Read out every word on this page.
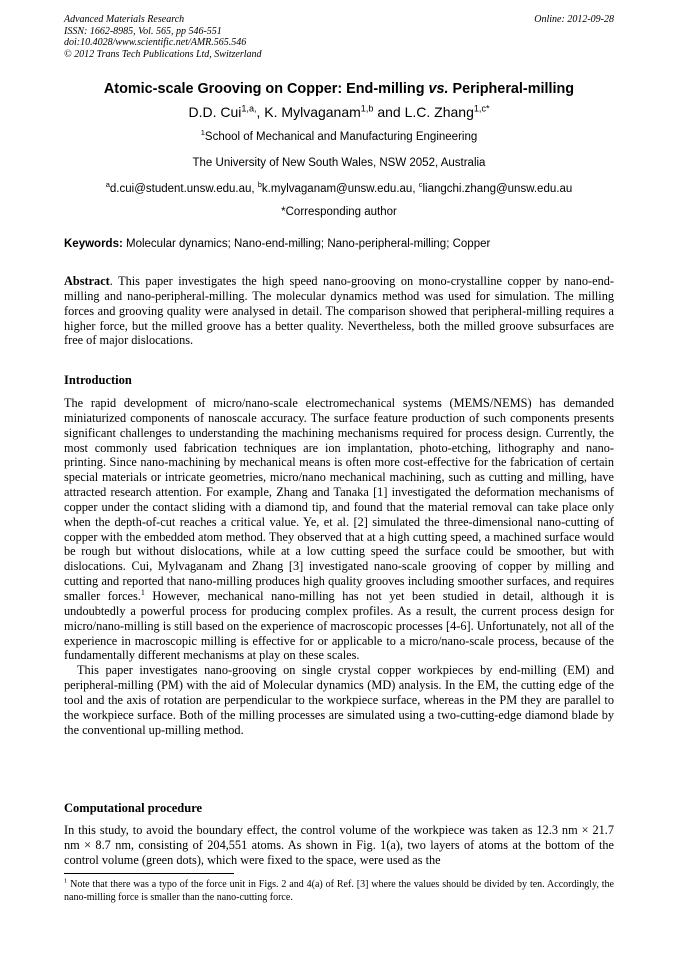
Advanced Materials Research
ISSN: 1662-8985, Vol. 565, pp 546-551
doi:10.4028/www.scientific.net/AMR.565.546
© 2012 Trans Tech Publications Ltd, Switzerland
Online: 2012-09-28
Atomic-scale Grooving on Copper: End-milling vs. Peripheral-milling
D.D. Cui$^{1,a,}$, K. Mylvaganam$^{1,b}$ and L.C. Zhang$^{1,c*}$
$^1$School of Mechanical and Manufacturing Engineering
The University of New South Wales, NSW 2052, Australia
$^a$d.cui@student.unsw.edu.au, $^b$k.mylvaganam@unsw.edu.au, $^c$liangchi.zhang@unsw.edu.au
*Corresponding author
Keywords: Molecular dynamics; Nano-end-milling; Nano-peripheral-milling; Copper

Abstract. This paper investigates the high speed nano-grooving on mono-crystalline copper by nano-end-milling and nano-peripheral-milling. The molecular dynamics method was used for simulation. The milling forces and grooving quality were analysed in detail. The comparison showed that peripheral-milling requires a higher force, but the milled groove has a better quality. Nevertheless, both the milled groove subsurfaces are free of major dislocations.

Introduction

The rapid development of micro/nano-scale electromechanical systems (MEMS/NEMS) has demanded miniaturized components of nanoscale accuracy. The surface feature production of such components presents significant challenges to understanding the machining mechanisms required for process design. Currently, the most commonly used fabrication techniques are ion implantation, photo-etching, lithography and nano-printing. Since nano-machining by mechanical means is often more cost-effective for the fabrication of certain special materials or intricate geometries, micro/nano mechanical machining, such as cutting and milling, have attracted research attention. For example, Zhang and Tanaka [1] investigated the deformation mechanisms of copper under the contact sliding with a diamond tip, and found that the material removal can take place only when the depth-of-cut reaches a critical value. Ye, et al. [2] simulated the three-dimensional nano-cutting of copper with the embedded atom method. They observed that at a high cutting speed, a machined surface would be rough but without dislocations, while at a low cutting speed the surface could be smoother, but with dislocations. Cui, Mylvaganam and Zhang [3] investigated nano-scale grooving of copper by milling and cutting and reported that nano-milling produces high quality grooves including smoother surfaces, and requires smaller forces.$^1$ However, mechanical nano-milling has not yet been studied in detail, although it is undoubtedly a powerful process for producing complex profiles. As a result, the current process design for micro/nano-milling is still based on the experience of macroscopic processes [4-6]. Unfortunately, not all of the experience in macroscopic milling is effective for or applicable to a micro/nano-scale process, because of the fundamentally different mechanisms at play on these scales.

This paper investigates nano-grooving on single crystal copper workpieces by end-milling (EM) and peripheral-milling (PM) with the aid of Molecular dynamics (MD) analysis. In the EM, the cutting edge of the tool and the axis of rotation are perpendicular to the workpiece surface, whereas in the PM they are parallel to the workpiece surface. Both of the milling processes are simulated using a two-cutting-edge diamond blade by the conventional up-milling method.

Computational procedure

In this study, to avoid the boundary effect, the control volume of the workpiece was taken as 12.3 nm × 21.7 nm × 8.7 nm, consisting of 204,551 atoms. As shown in Fig. 1(a), two layers of atoms at the bottom of the control volume (green dots), which were fixed to the space, were used as the

$^1$ Note that there was a typo of the force unit in Figs. 2 and 4(a) of Ref. [3] where the values should be divided by ten. Accordingly, the nano-milling force is smaller than the nano-cutting force.
